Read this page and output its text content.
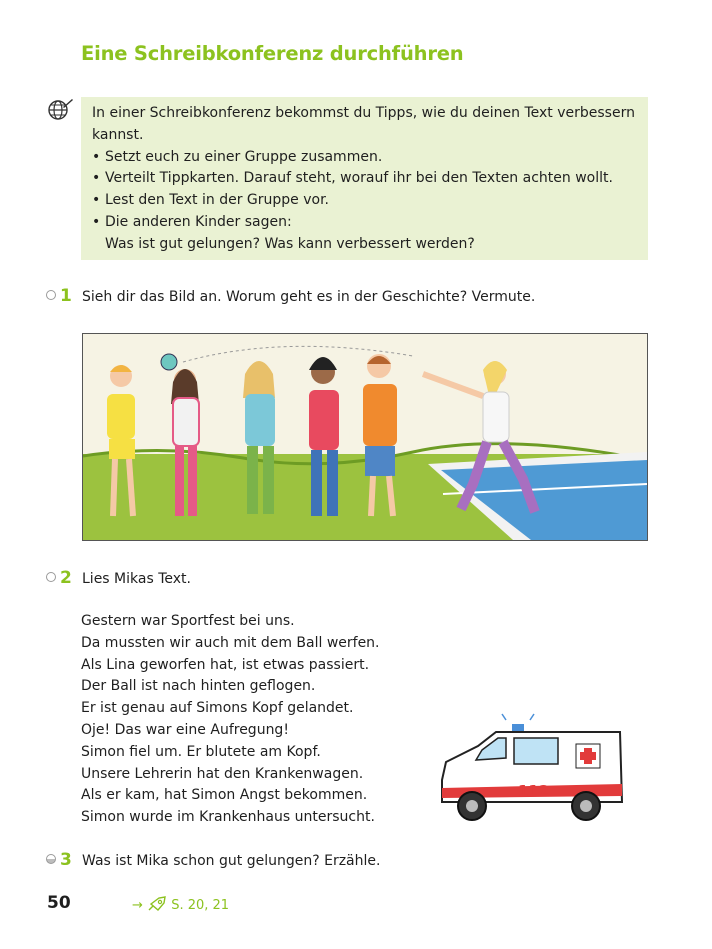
Eine Schreibkonferenz durchführen

In einer Schreibkonferenz bekommst du Tipps, wie du deinen Text verbessern kannst.

• Setzt euch zu einer Gruppe zusammen.
• Verteilt Tippkarten. Darauf steht, worauf ihr bei den Texten achten wollt.
• Lest den Text in der Gruppe vor.
• Die anderen Kinder sagen:
Was ist gut gelungen? Was kann verbessert werden?
1 Sieh dir das Bild an. Worum geht es in der Geschichte? Vermute.
2 Lies Mikas Text.
Gestern war Sportfest bei uns.
Da mussten wir auch mit dem Ball werfen.
Als Lina geworfen hat, ist etwas passiert.
Der Ball ist nach hinten geflogen.
Er ist genau auf Simons Kopf gelandet.
Oje! Das war eine Aufregung!
Simon fiel um. Er blutete am Kopf.
Unsere Lehrerin hat den Krankenwagen.
Als er kam, hat Simon Angst bekommen.
Simon wurde im Krankenhaus untersucht.
112
3 Was ist Mika schon gut gelungen? Erzähle.
50	→ S. 20, 21
